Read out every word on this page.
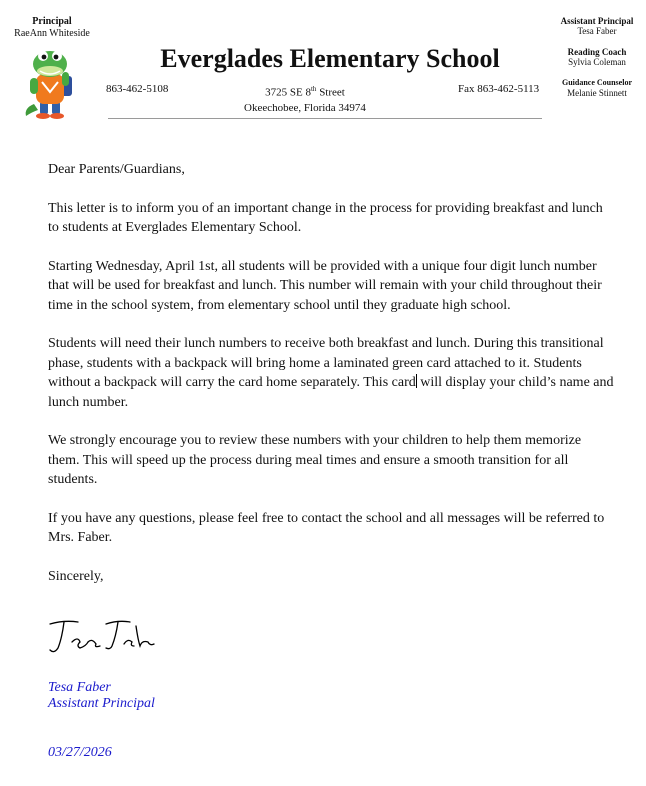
Principal
RaeAnn Whiteside
Everglades Elementary School
863-462-5108	3725 SE 8th Street
Okeechobee, Florida 34974
Fax 863-462-5113
Assistant Principal
Tesa Faber
Reading Coach
Sylvia Coleman
Guidance Counselor
Melanie Stinnett

Dear Parents/Guardians,

This letter is to inform you of an important change in the process for providing breakfast and lunch to students at Everglades Elementary School.

Starting Wednesday, April 1st, all students will be provided with a unique four digit lunch number that will be used for breakfast and lunch. This number will remain with your child throughout their time in the school system, from elementary school until they graduate high school.

Students will need their lunch numbers to receive both breakfast and lunch. During this transitional phase, students with a backpack will bring home a laminated green card attached to it. Students without a backpack will carry the card home separately. This card will display your child’s name and lunch number.

We strongly encourage you to review these numbers with your children to help them memorize them. This will speed up the process during meal times and ensure a smooth transition for all students.

If you have any questions, please feel free to contact the school and all messages will be referred to Mrs. Faber.

Sincerely,

Tesa Faber
Assistant Principal
03/27/2026
